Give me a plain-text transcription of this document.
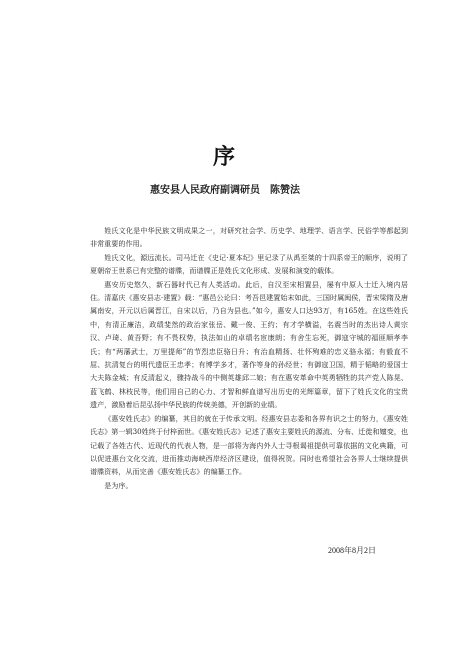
序
惠安县人民政府副调研员　陈赞法

姓氏文化是中华民族文明成果之一，对研究社会学、历史学、地理学、语言学、民俗学等都起到非常重要的作用。

姓氏文化，源远流长。司马迁在《史记·夏本纪》里记录了从禹至桀的十四系帝王的顺序，说明了夏朝帝王世系已有完整的谱牒，而谱牒正是姓氏文化形成、发展和演变的载体。

惠安历史悠久，新石器时代已有人类活动。此后，自汉至宋相置县，屡有中原人士迁入境内居住。清嘉庆《惠安县志·建置》载：“惠邑公论曰：考吾邑建置始末如此，三国时属闽侯，晋宋梁隋及唐属南安，开元以后属晋江，自宋以后，乃自为县也。”如今，惠安人口达93万，有165姓。在这些姓氏中，有清正廉洁，政绩斐然的政治家张岳、戴一俊、王约；有才学横溢，名震当时的杰出诗人黄宗汉、卢琦、黄吾野；有不畏权势，执法如山的卓绩名宦康朗；有舍生忘死，御寇守城的福匪顺孝李氏；有“两藩武士，万里提师”的节烈忠臣骆日升；有治血精扬、壮怀殉难的忠义骆永福；有毅直不屈、抗清复台的明代遗臣王忠孝；有博学多才，著作等身的孙经世；有御寇卫国，精于韬略的爱国士大夫陈金城；有反清起义，骤持战斗的中侧英雄邱二娘；有在惠安革命中英勇牺牲的共产党人陈晃、蓝飞鹤、林枝民等，他们用自己的心力、才智和鲜血谱写出历史的光辉篇章，留下了姓氏文化的宝贵遗产，激励着后昆弘扬中华民族的传统美德，开创新的业绩。

《惠安姓氏志》的编纂，其目的就在于传承文明。经惠安县志委和各界有识之士的努力，《惠安姓氏志》第一辑30姓终于付梓面世。《惠安姓氏志》记述了惠安主要姓氏的源流、分布、迁徙和嬗变，也记载了各姓古代、近现代的代表人物，是一部将为海内外人士寻根谒祖提供可靠依据的文化典籍，可以促进惠台文化交流，进而推动海峡西岸经济区建设，值得祝贺。同时也希望社会各界人士继续提供谱牒资料，从而完善《惠安姓氏志》的编纂工作。

是为序。

2008年8月2日
